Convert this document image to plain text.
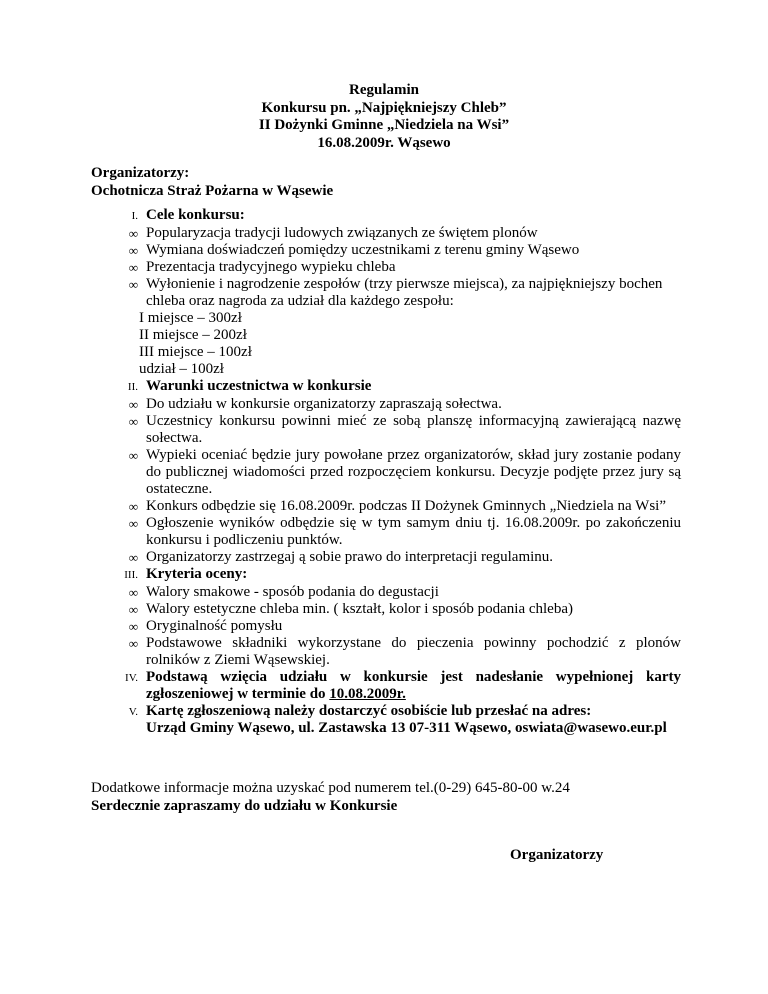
Regulamin
Konkursu pn. „Najpiękniejszy Chleb”
II Dożynki Gminne „Niedziela na Wsi”
16.08.2009r. Wąsewo
Organizatorzy:
Ochotnicza Straż Pożarna w Wąsewie
I. Cele konkursu:
∞ Popularyzacja tradycji ludowych związanych ze świętem plonów
∞ Wymiana doświadczeń pomiędzy uczestnikami z terenu gminy Wąsewo
∞ Prezentacja tradycyjnego wypieku chleba
∞ Wyłonienie i nagrodzenie zespołów (trzy pierwsze miejsca), za najpiękniejszy bochen chleba oraz nagroda za udział dla każdego zespołu:
I miejsce – 300zł
II miejsce – 200zł
III miejsce – 100zł
udział – 100zł
II. Warunki uczestnictwa w konkursie
∞ Do udziału w konkursie organizatorzy zapraszają sołectwa.
∞ Uczestnicy konkursu powinni mieć ze sobą planszę informacyjną zawierającą nazwę sołectwa.
∞ Wypieki oceniać będzie jury powołane przez organizatorów, skład jury zostanie podany do publicznej wiadomości przed rozpoczęciem konkursu. Decyzje podjęte przez jury są ostateczne.
∞ Konkurs odbędzie się 16.08.2009r. podczas II Dożynek Gminnych „Niedziela na Wsi”
∞ Ogłoszenie wyników odbędzie się w tym samym dniu tj. 16.08.2009r. po zakończeniu konkursu i podliczeniu punktów.
∞ Organizatorzy zastrzegaj ą sobie prawo do interpretacji regulaminu.
III. Kryteria oceny:
∞ Walory smakowe - sposób podania do degustacji
∞ Walory estetyczne chleba min. ( kształt, kolor i sposób podania chleba)
∞ Oryginalność pomysłu
∞ Podstawowe składniki wykorzystane do pieczenia powinny pochodzić z plonów rolników z Ziemi Wąsewskiej.
IV. Podstawą wzięcia udziału w konkursie jest nadesłanie wypełnionej karty zgłoszeniowej w terminie do 10.08.2009r.
V. Kartę zgłoszeniową należy dostarczyć osobiście lub przesłać na adres:
Urząd Gminy Wąsewo, ul. Zastawska 13 07-311 Wąsewo, oswiata@wasewo.eur.pl
Dodatkowe informacje można uzyskać pod numerem tel.(0-29) 645-80-00 w.24
Serdecznie zapraszamy do udziału w Konkursie
Organizatorzy
